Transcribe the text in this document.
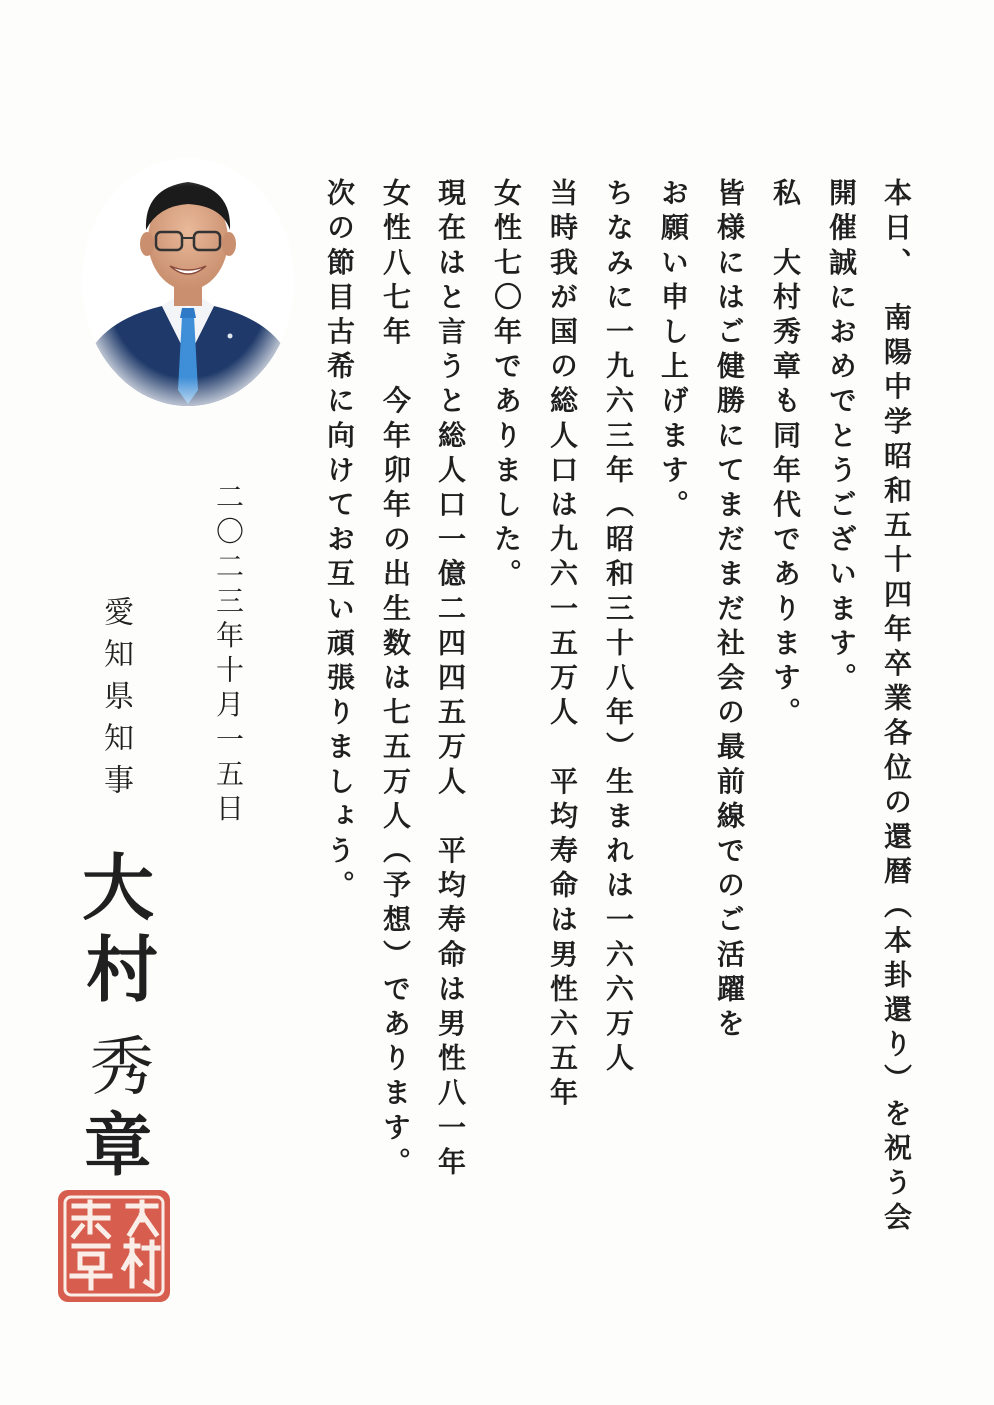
本日、　南陽中学昭和五十四年卒業各位の還暦（本卦還り）を祝う会
開催誠におめでとうございます。
私　大村秀章も同年代であります。
皆様にはご健勝にてまだまだ社会の最前線でのご活躍を
お願い申し上げます。
ちなみに一九六三年（昭和三十八年）生まれは一六六万人
当時我が国の総人口は九六一五万人　平均寿命は男性六五年
女性七〇年でありました。
現在はと言うと総人口一億二四四五万人　平均寿命は男性八一年
女性八七年　今年卯年の出生数は七五万人（予想）であります。
次の節目古希に向けてお互い頑張りましょう。
二〇二三年十月一五日
愛知県知事
大
村
秀
章
